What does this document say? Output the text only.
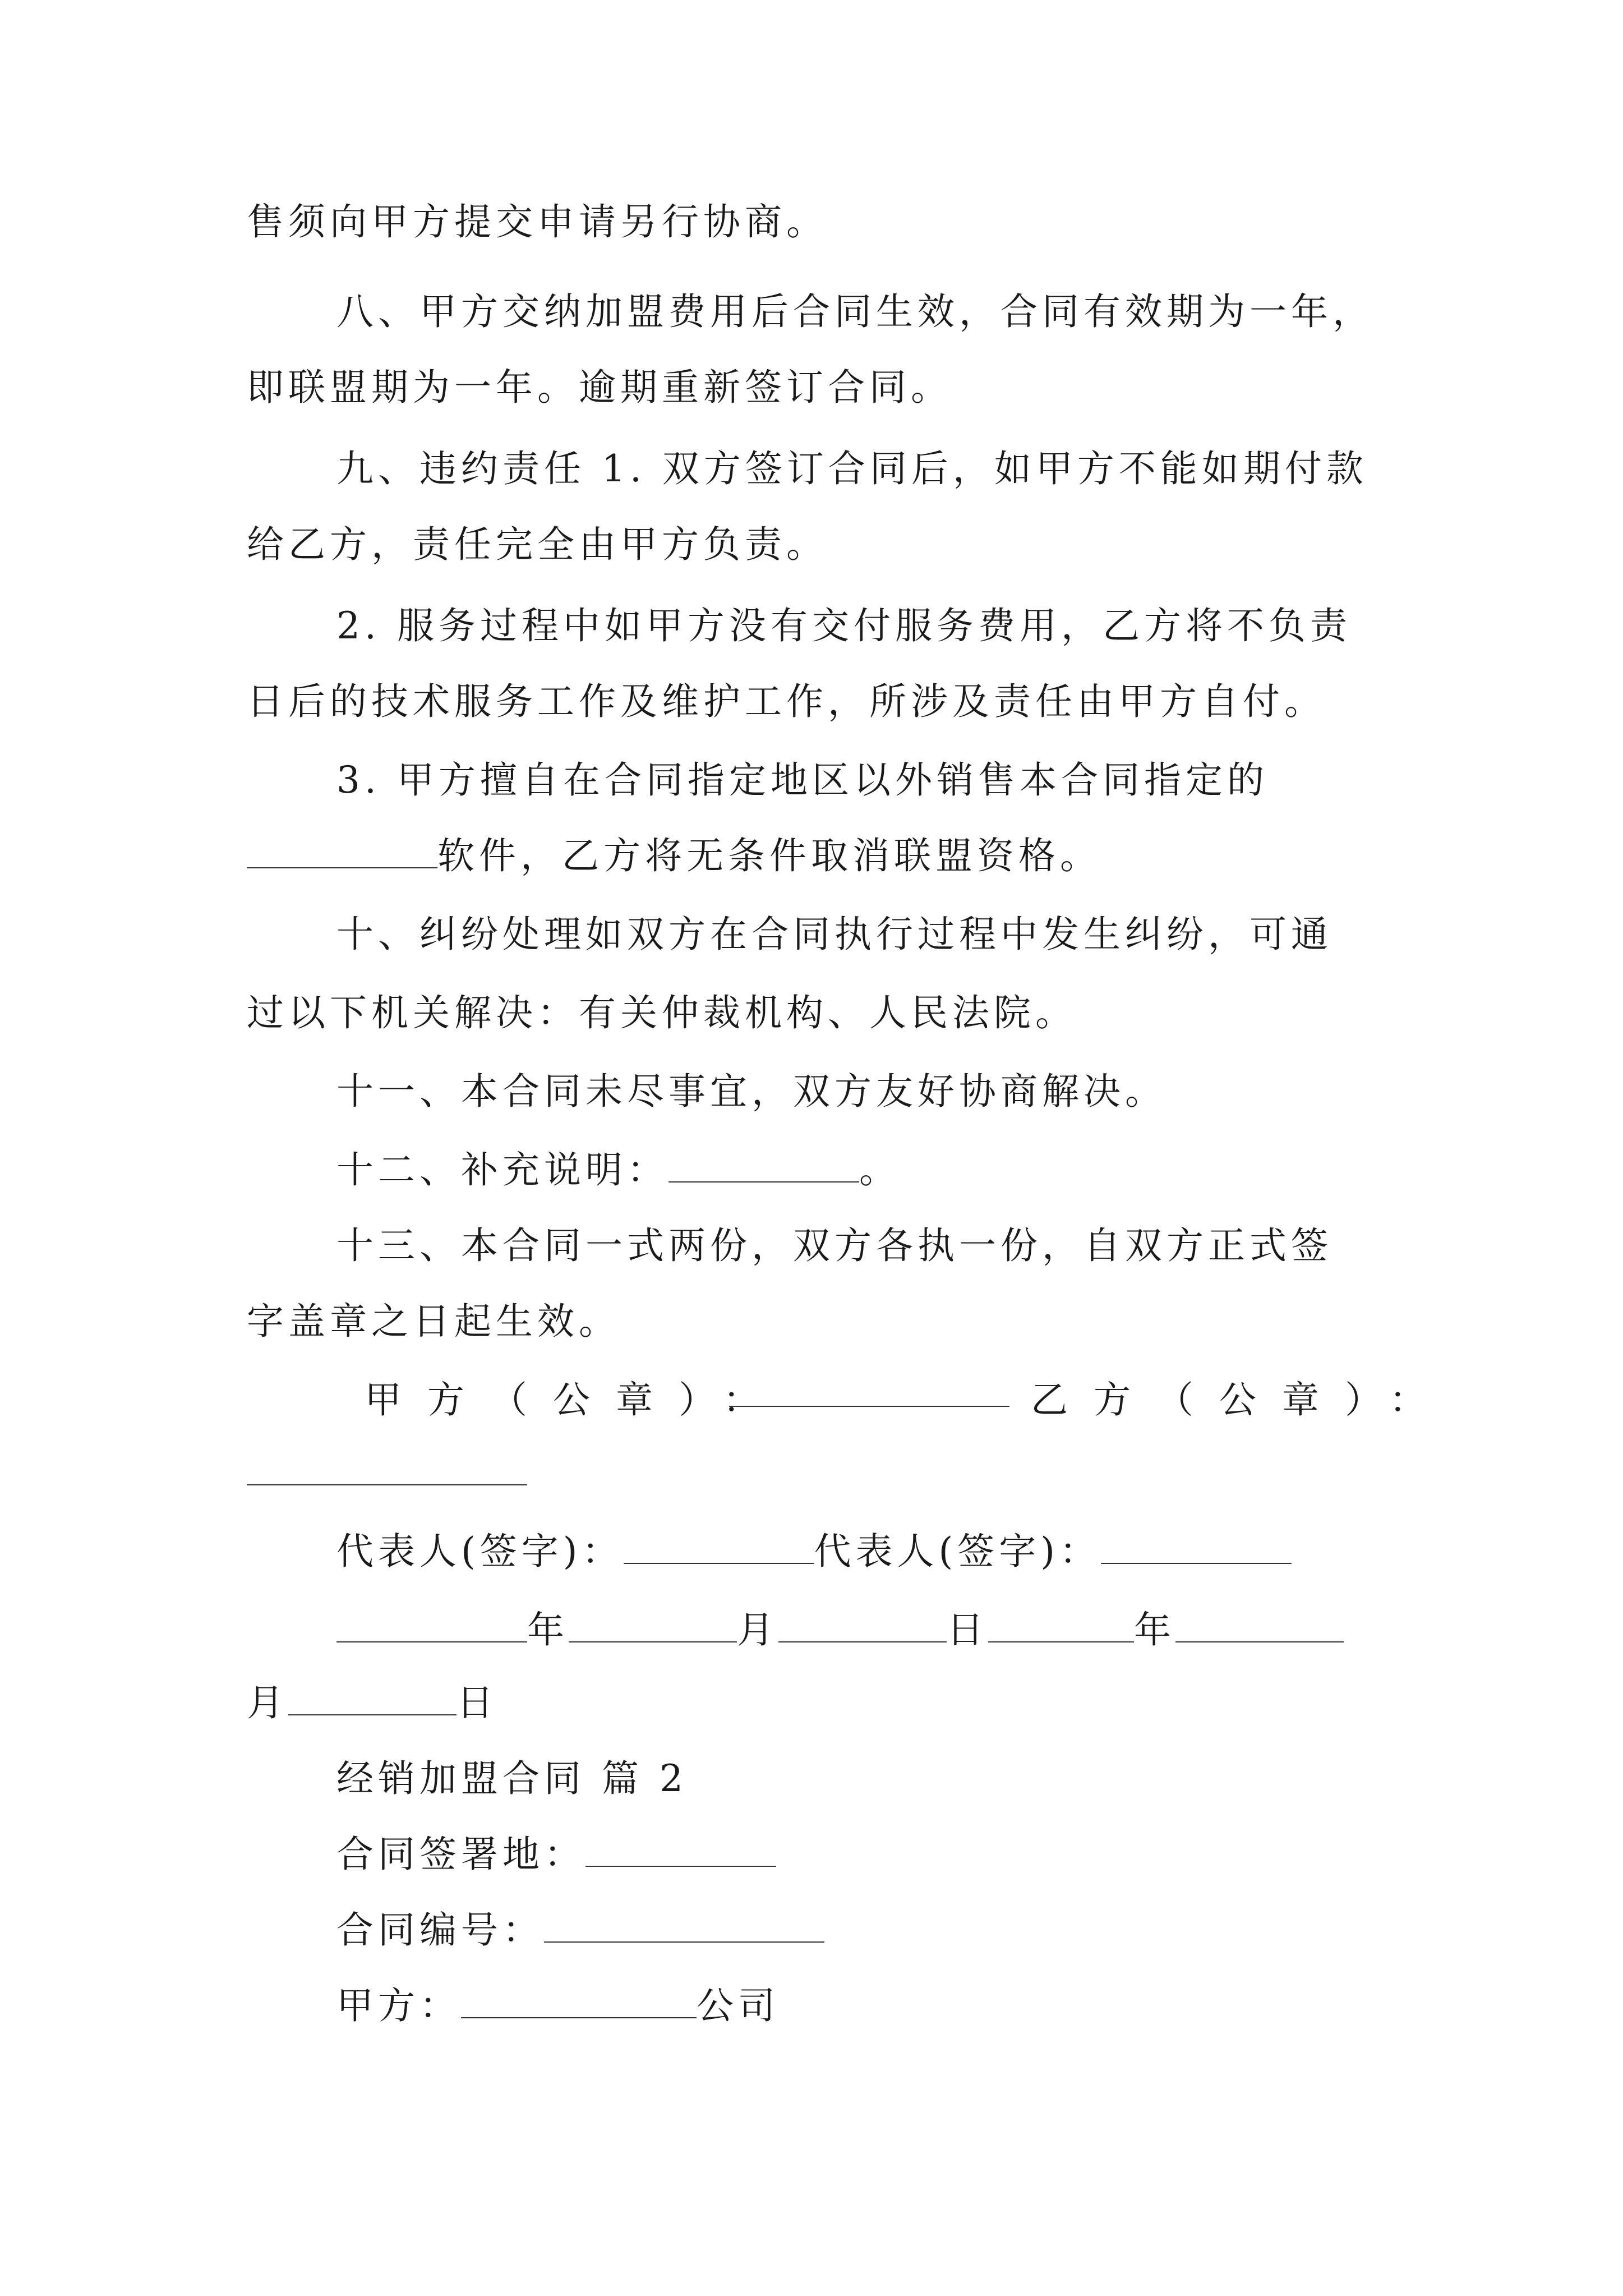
售须向甲方提交申请另行协商。

八、甲方交纳加盟费用后合同生效，合同有效期为一年，

即联盟期为一年。逾期重新签订合同。

九、违约责任 1. 双方签订合同后，如甲方不能如期付款

给乙方，责任完全由甲方负责。

2. 服务过程中如甲方没有交付服务费用，乙方将不负责

日后的技术服务工作及维护工作，所涉及责任由甲方自付。

3. 甲方擅自在合同指定地区以外销售本合同指定的

软件，乙方将无条件取消联盟资格。

十、纠纷处理如双方在合同执行过程中发生纠纷，可通

过以下机关解决：有关仲裁机构、人民法院。

十一、本合同未尽事宜，双方友好协商解决。

十二、补充说明：	。

十三、本合同一式两份，双方各执一份，自双方正式签

字盖章之日起生效。

甲方（公章）：	乙方（公章）：

代表人(签字)：	代表人(签字)：

年	月	日	年

月	日

经销加盟合同 篇 2

合同签署地：

合同编号：

甲方：	公司
